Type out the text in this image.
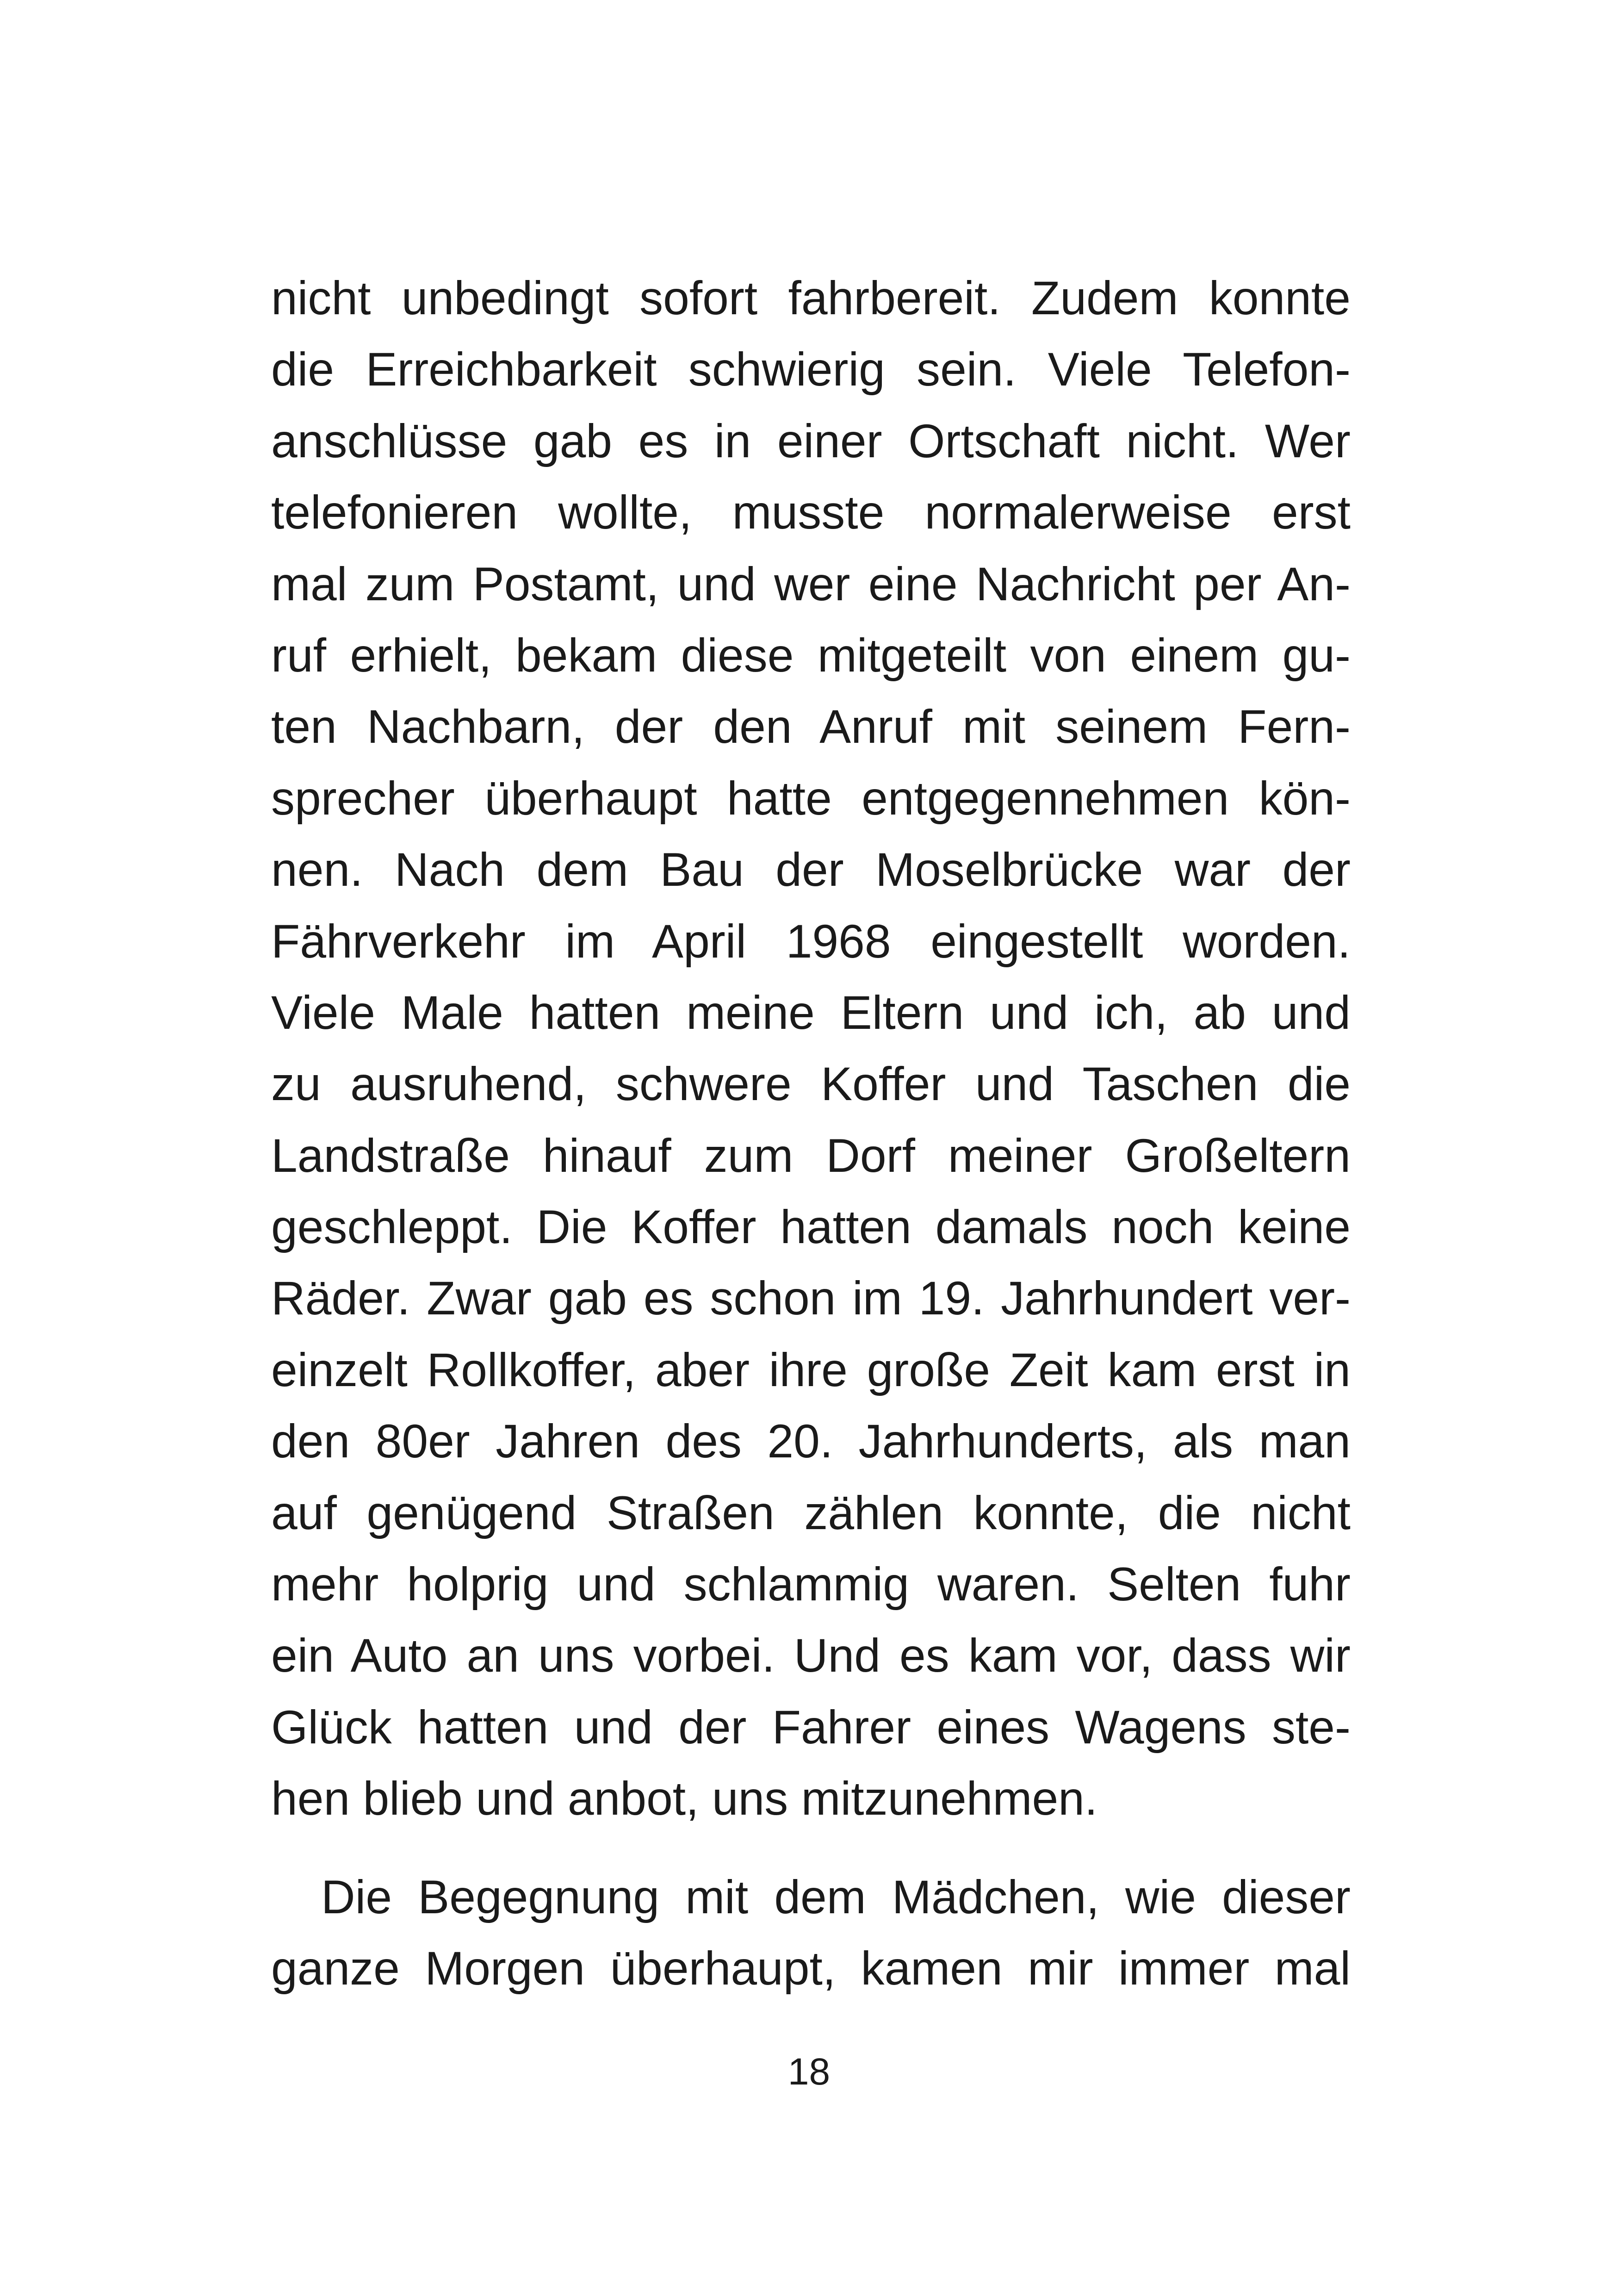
nicht unbedingt sofort fahrbereit. Zudem konnte
die Erreichbarkeit schwierig sein. Viele Telefon-
anschlüsse gab es in einer Ortschaft nicht. Wer
telefonieren wollte, musste normalerweise erst
mal zum Postamt, und wer eine Nachricht per An-
ruf erhielt, bekam diese mitgeteilt von einem gu-
ten Nachbarn, der den Anruf mit seinem Fern-
sprecher überhaupt hatte entgegennehmen kön-
nen. Nach dem Bau der Moselbrücke war der
Fährverkehr im April 1968 eingestellt worden.
Viele Male hatten meine Eltern und ich, ab und
zu ausruhend, schwere Koffer und Taschen die
Landstraße hinauf zum Dorf meiner Großeltern
geschleppt. Die Koffer hatten damals noch keine
Räder. Zwar gab es schon im 19. Jahrhundert ver-
einzelt Rollkoffer, aber ihre große Zeit kam erst in
den 80er Jahren des 20. Jahrhunderts, als man
auf genügend Straßen zählen konnte, die nicht
mehr holprig und schlammig waren. Selten fuhr
ein Auto an uns vorbei. Und es kam vor, dass wir
Glück hatten und der Fahrer eines Wagens ste-
hen blieb und anbot, uns mitzunehmen.
Die Begegnung mit dem Mädchen, wie dieser
ganze Morgen überhaupt, kamen mir immer mal
18
